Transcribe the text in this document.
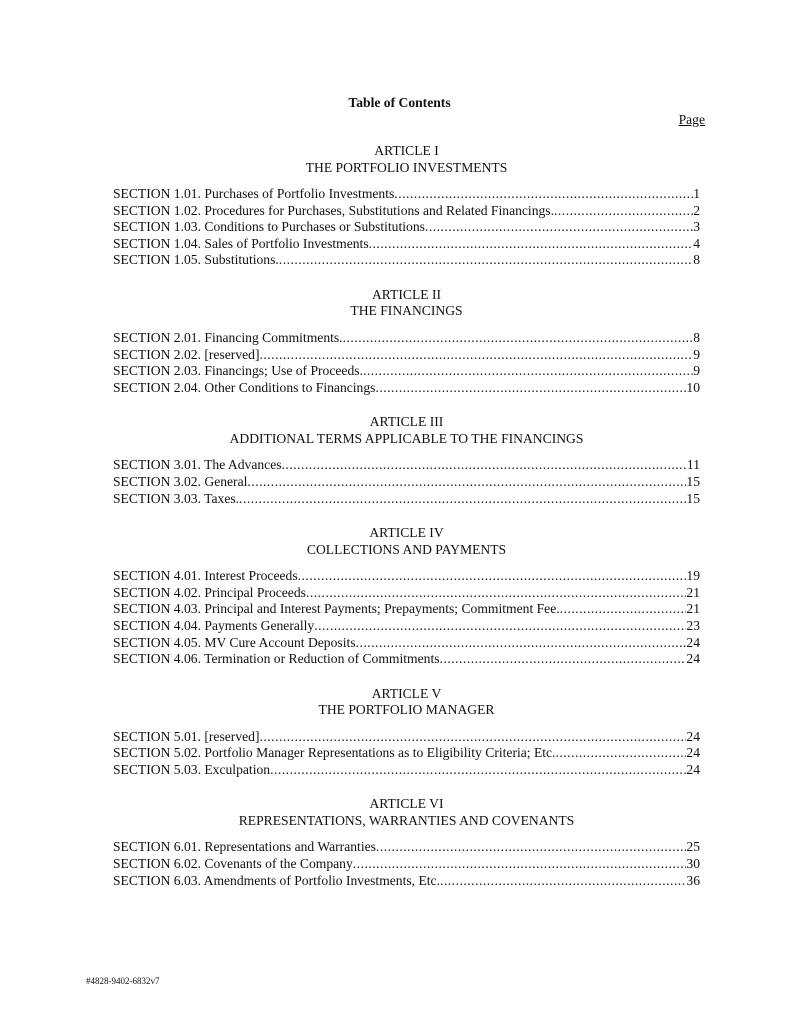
Table of Contents
Page
ARTICLE I
THE PORTFOLIO INVESTMENTS
SECTION 1.01. Purchases of Portfolio Investments .....	1
SECTION 1.02. Procedures for Purchases, Substitutions and Related Financings. .....	2
SECTION 1.03. Conditions to Purchases or Substitutions .....	3
SECTION 1.04. Sales of Portfolio Investments .....	4
SECTION 1.05. Substitutions. .....	8
ARTICLE II
THE FINANCINGS
SECTION 2.01. Financing Commitments. .....	8
SECTION 2.02. [reserved] .....	9
SECTION 2.03. Financings; Use of Proceeds. .....	9
SECTION 2.04. Other Conditions to Financings .....	10
ARTICLE III
ADDITIONAL TERMS APPLICABLE TO THE FINANCINGS
SECTION 3.01. The Advances .....	11
SECTION 3.02. General .....	15
SECTION 3.03. Taxes. .....	15
ARTICLE IV
COLLECTIONS AND PAYMENTS
SECTION 4.01. Interest Proceeds .....	19
SECTION 4.02. Principal Proceeds .....	21
SECTION 4.03. Principal and Interest Payments; Prepayments; Commitment Fee. .....	21
SECTION 4.04. Payments Generally .....	23
SECTION 4.05. MV Cure Account Deposits .....	24
SECTION 4.06. Termination or Reduction of Commitments .....	24
ARTICLE V
THE PORTFOLIO MANAGER
SECTION 5.01. [reserved] .....	24
SECTION 5.02. Portfolio Manager Representations as to Eligibility Criteria; Etc. .....	24
SECTION 5.03. Exculpation .....	24
ARTICLE VI
REPRESENTATIONS, WARRANTIES AND COVENANTS
SECTION 6.01. Representations and Warranties .....	25
SECTION 6.02. Covenants of the Company .....	30
SECTION 6.03. Amendments of Portfolio Investments, Etc. .....	36
#4828-9402-6832v7
